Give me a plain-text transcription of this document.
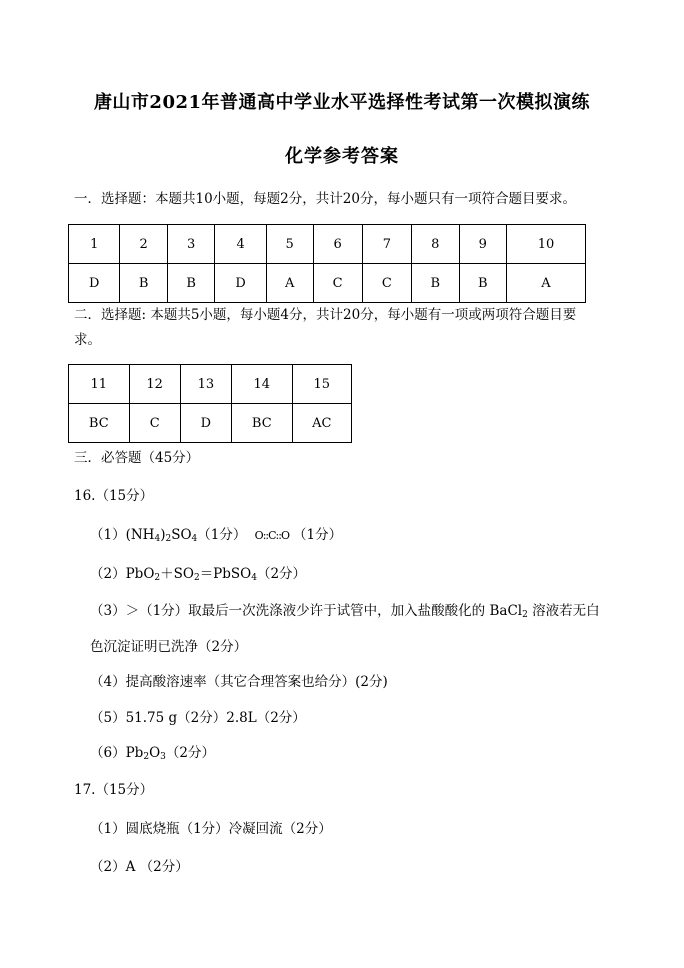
唐山市2021年普通高中学业水平选择性考试第一次模拟演练
化学参考答案
一．选择题：本题共10小题，每题2分，共计20分，每小题只有一项符合题目要求。
1	2	3	4	5	6	7	8	9	10
D	B	B	D	A	C	C	B	B	A
二．选择题: 本题共5小题，每小题4分，共计20分，每小题有一项或两项符合题目要
求。
11	12	13	14	15
BC	C	D	BC	AC
三．必答题（45分）
16.（15分）
$(1)(NH_4)_2SO_4(1$分） O::C::O （1分）
$(2)PbO_2+SO_2=PbSO_4(2$分）
（3）＞（1分）取最后一次洗涤液少许于试管中，加入盐酸酸化的 BaCl$_2$ 溶液若无白
色沉淀证明已洗净（2分）
（4）提高酸溶速率（其它合理答案也给分）(2分)
（5）51.75 g（2分）2.8L（2分）
$(6)Pb_2O_3(2$分）
17.（15分）
（1）圆底烧瓶（1分）冷凝回流（2分）
（2）A （2分）
